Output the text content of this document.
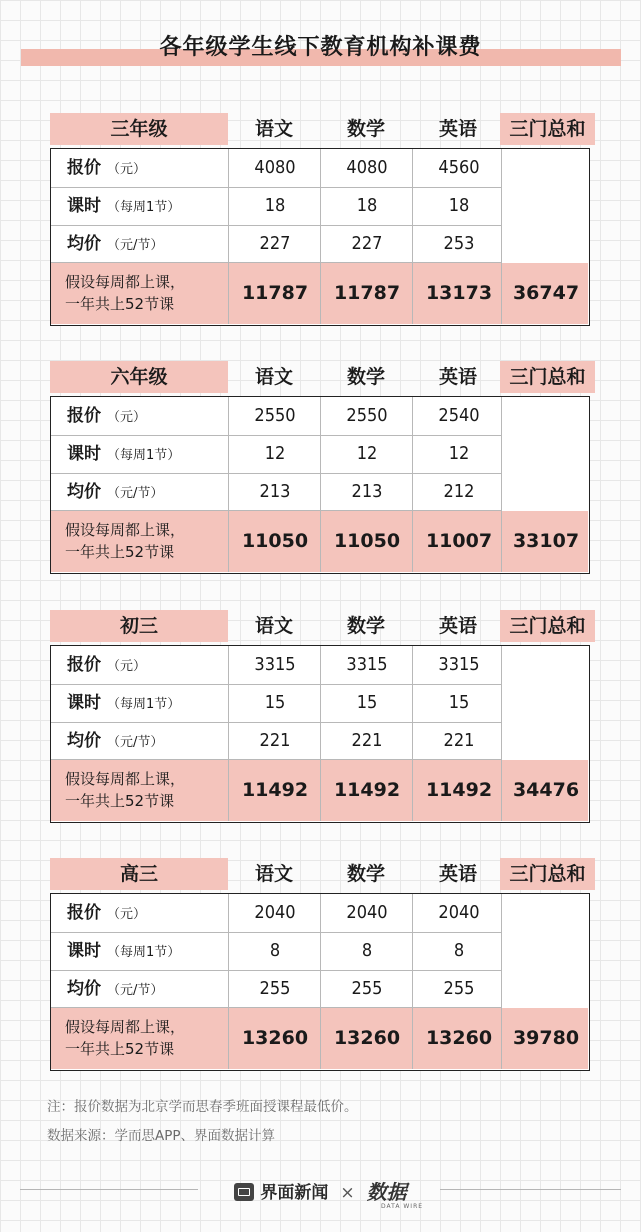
各年级学生线下教育机构补课费
三年级	语文	数学	英语	三门总和
报价 （元）	4080	4080	4560
课时 （每周1节）	18	18	18
均价 （元/节）	227	227	253
假设每周都上课，
一年共上52节课	11787	11787	13173	36747
六年级	语文	数学	英语	三门总和
报价 （元）	2550	2550	2540
课时 （每周1节）	12	12	12
均价 （元/节）	213	213	212
假设每周都上课，
一年共上52节课	11050	11050	11007	33107
初三	语文	数学	英语	三门总和
报价 （元）	3315	3315	3315
课时 （每周1节）	15	15	15
均价 （元/节）	221	221	221
假设每周都上课，
一年共上52节课	11492	11492	11492	34476
高三	语文	数学	英语	三门总和
报价 （元）	2040	2040	2040
课时 （每周1节）	8	8	8
均价 （元/节）	255	255	255
假设每周都上课，
一年共上52节课	13260	13260	13260	39780
注：报价数据为北京学而思春季班面授课程最低价。
数据来源：学而思APP、界面数据计算
界面新闻 × 数据
DATA WIRE
